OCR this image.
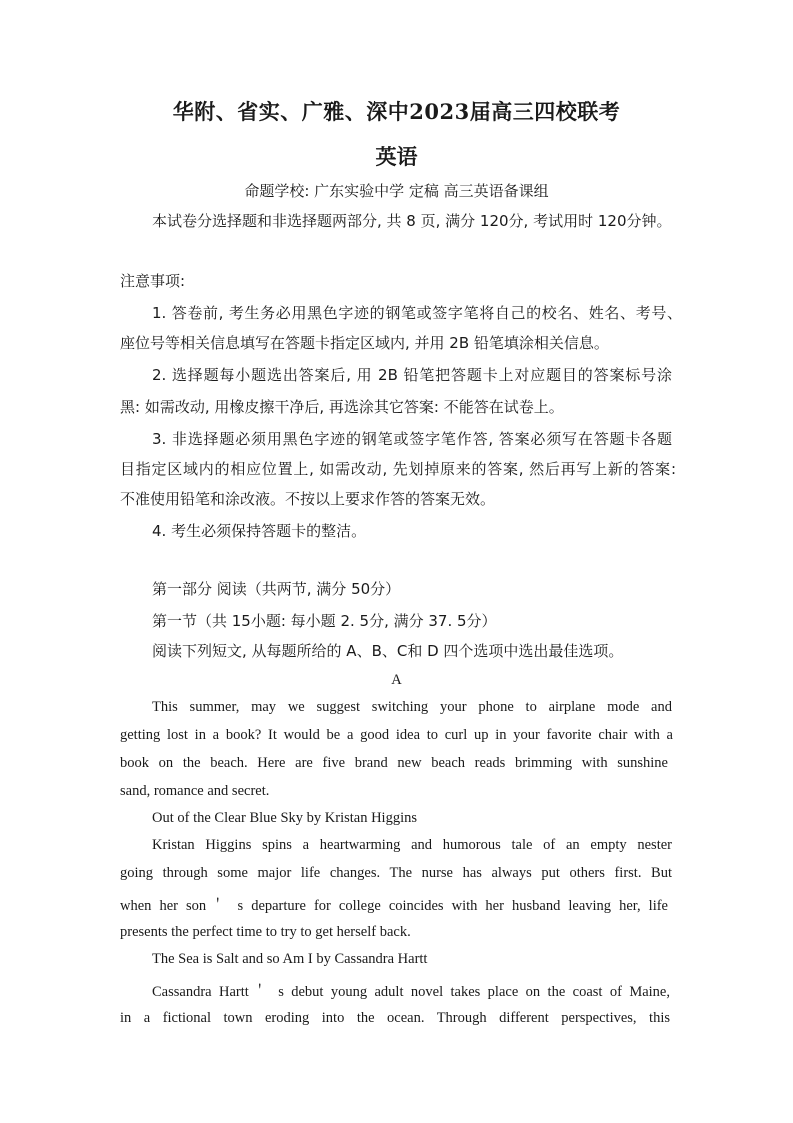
华附、省实、广雅、深中2023届高三四校联考
英语
命题学校: 广东实验中学 定稿 高三英语备课组
本试卷分选择题和非选择题两部分, 共 8 页, 满分 120分, 考试用时 120分钟。
注意事项:
1. 答卷前, 考生务必用黑色字迹的钢笔或签字笔将自己的校名、姓名、考号、
座位号等相关信息填写在答题卡指定区域内, 并用 2B 铅笔填涂相关信息。
2. 选择题每小题选出答案后, 用 2B 铅笔把答题卡上对应题目的答案标号涂
黑: 如需改动, 用橡皮擦干净后, 再选涂其它答案: 不能答在试卷上。
3. 非选择题必须用黑色字迹的钢笔或签字笔作答, 答案必须写在答题卡各题
目指定区域内的相应位置上, 如需改动, 先划掉原来的答案, 然后再写上新的答案:
不准使用铅笔和涂改液。不按以上要求作答的答案无效。
4. 考生必须保持答题卡的整洁。
第一部分 阅读（共两节, 满分 50分）
第一节（共 15小题: 每小题 2. 5分, 满分 37. 5分）
阅读下列短文, 从每题所给的 A、B、C和 D 四个选项中选出最佳选项。
A
This summer, may we suggest switching your phone to airplane mode and
getting lost in a book? It would be a good idea to curl up in your favorite chair with a
book on the beach. Here are five brand new beach reads brimming with sunshine
sand, romance and secret.
Out of the Clear Blue Sky by Kristan Higgins
Kristan Higgins spins a heartwarming and humorous tale of an empty nester
going through some major life changes. The nurse has always put others first. But
when her son＇ s departure for college coincides with her husband leaving her, life
presents the perfect time to try to get herself back.
The Sea is Salt and so Am I by Cassandra Hartt
Cassandra Hartt＇ s debut young adult novel takes place on the coast of Maine,
in a fictional town eroding into the ocean. Through different perspectives, this
